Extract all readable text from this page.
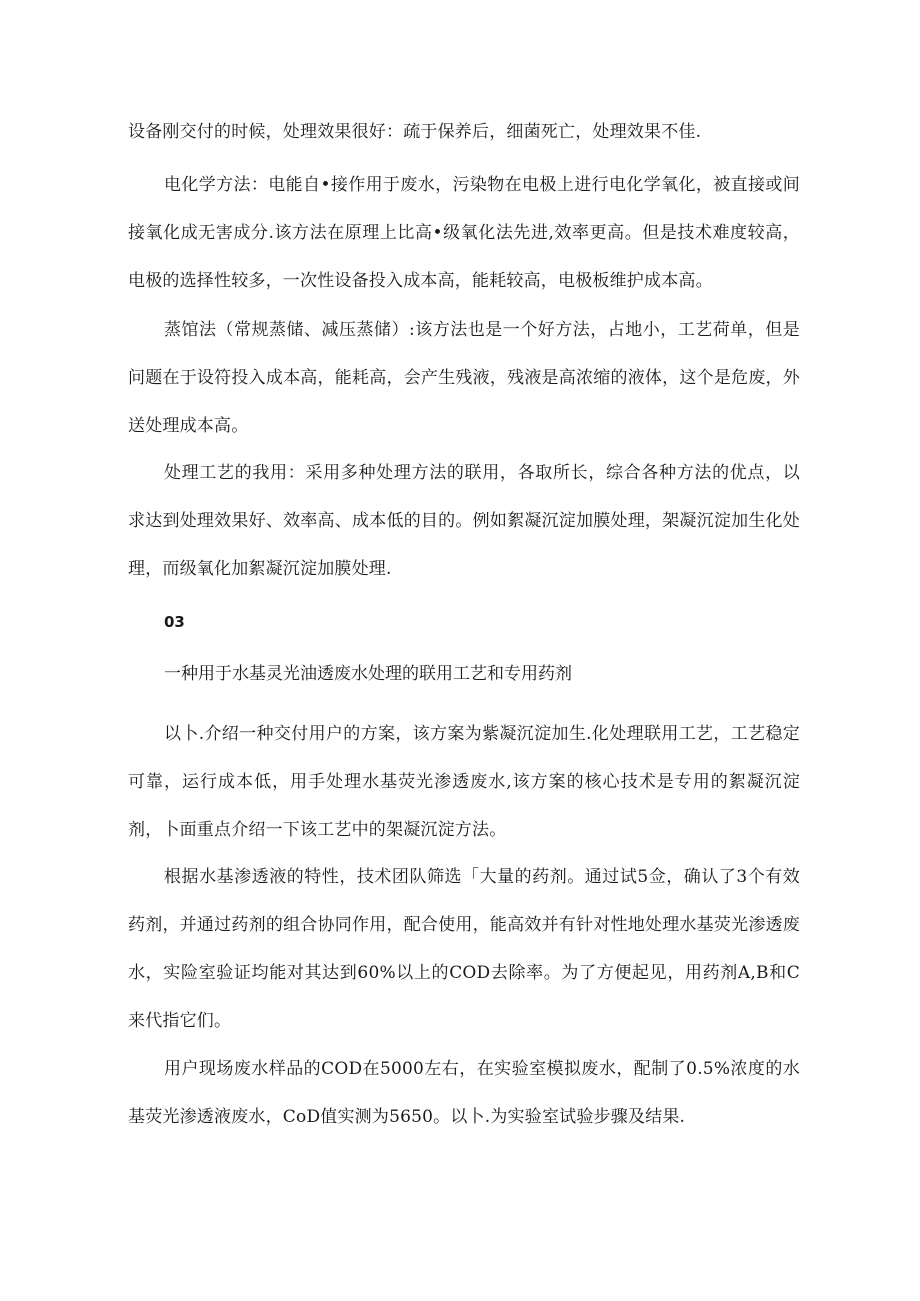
设备刚交付的时候，处理效果很好：疏于保养后，细菌死亡，处理效果不佳.

电化学方法：电能自•接作用于废水，污染物在电极上进行电化学氧化，被直接或间接氧化成无害成分.该方法在原理上比高•级氧化法先进,效率更高。但是技术难度较高，电极的选择性较多，一次性设备投入成本高，能耗较高，电极板维护成本高。

蒸馆法（常规蒸储、减压蒸储）:该方法也是一个好方法，占地小，工艺荷单，但是问题在于设符投入成本高，能耗高，会产生残液，残液是高浓缩的液体，这个是危废，外送处理成本高。

处理工艺的我用：采用多种处理方法的联用，各取所长，综合各种方法的优点，以求达到处理效果好、效率高、成本低的目的。例如絮凝沉淀加膜处理，架凝沉淀加生化处理，而级氧化加絮凝沉淀加膜处理.

03
一种用于水基灵光油透废水处理的联用工艺和专用药剂

以卜.介绍一种交付用户的方案，该方案为紫凝沉淀加生.化处理联用工艺，工艺稳定可靠，运行成本低，用手处理水基荧光渗透废水,该方案的核心技术是专用的絮凝沉淀剂，卜面重点介绍一下该工艺中的架凝沉淀方法。

根据水基渗透液的特性，技术团队筛选「大量的药剂。通过试5佥，确认了3个有效药剂，并通过药剂的组合协同作用，配合使用，能高效并有针对性地处理水基荧光渗透废水，实险室验证均能对其达到60%以上的COD去除率。为了方便起见，用药剂A,B和C来代指它们。

用户现场废水样品的COD在5000左右，在实验室模拟废水，配制了0.5%浓度的水基荧光渗透液废水，CoD值实测为5650。以卜.为实验室试验步骤及结果.
